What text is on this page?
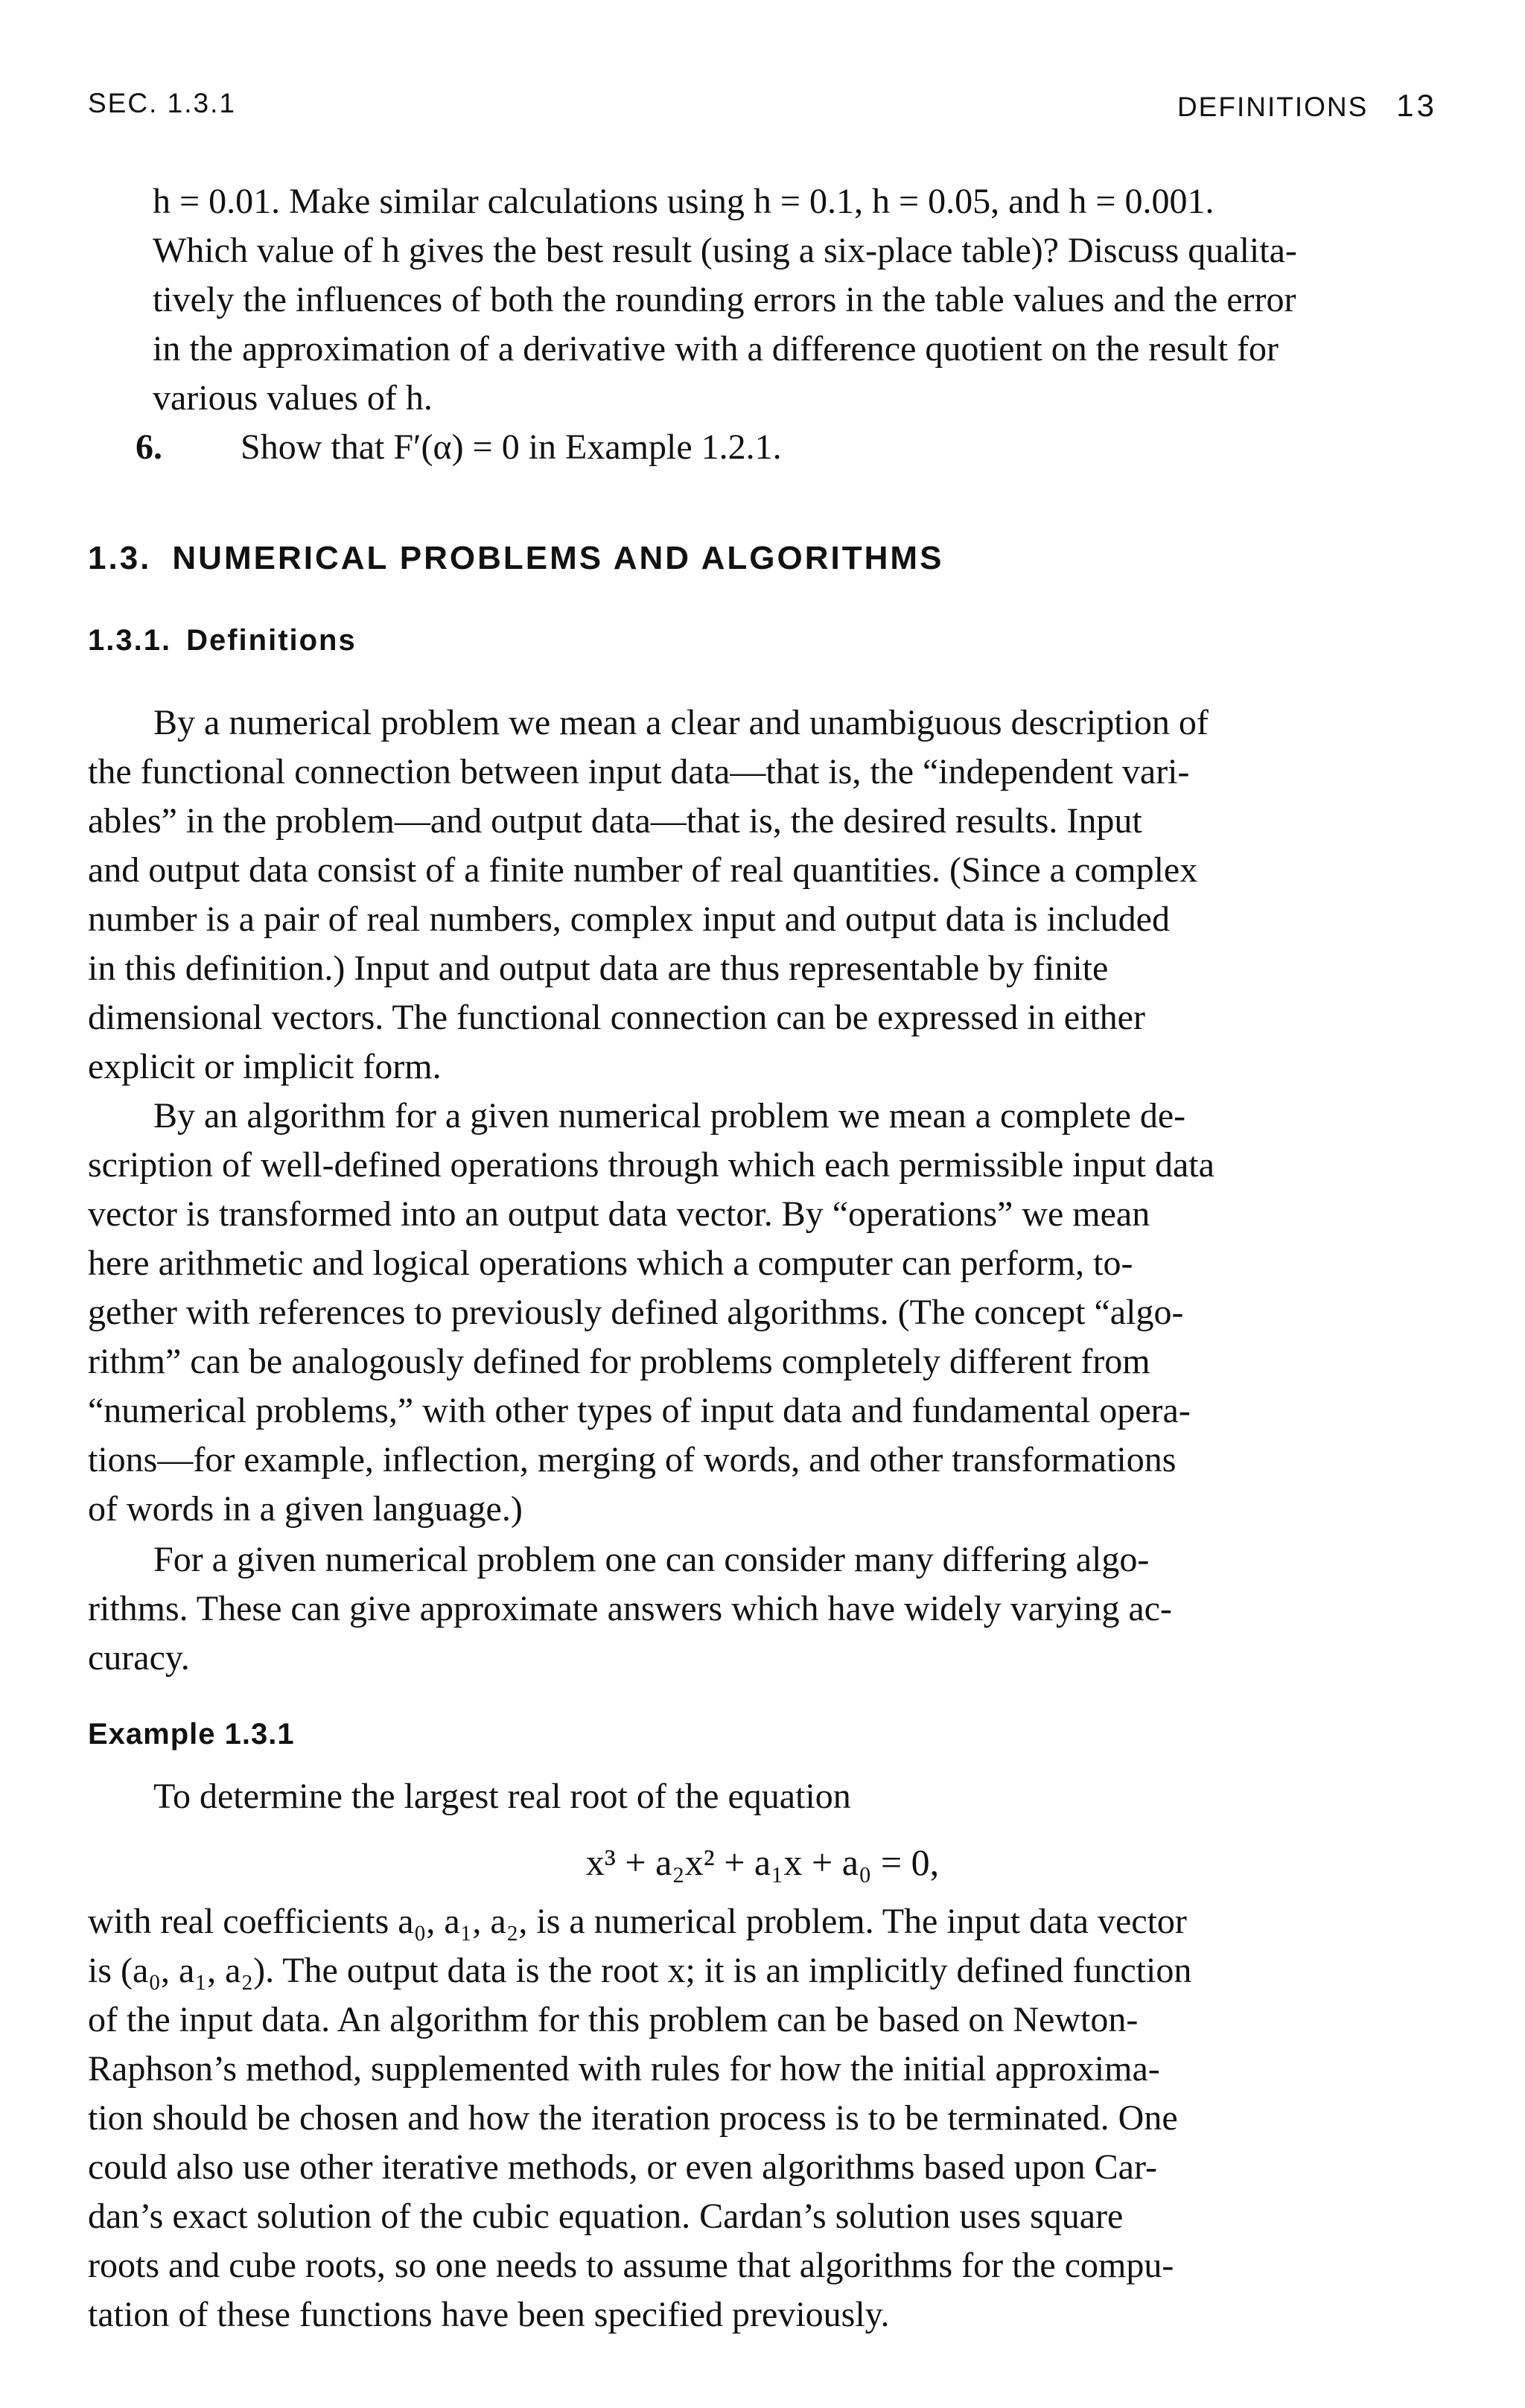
SEC. 1.3.1	DEFINITIONS 13
h = 0.01. Make similar calculations using h = 0.1, h = 0.05, and h = 0.001.
Which value of h gives the best result (using a six-place table)? Discuss qualita-
tively the influences of both the rounding errors in the table values and the error
in the approximation of a derivative with a difference quotient on the result for
various values of h.
6. Show that F′(α) = 0 in Example 1.2.1.
1.3. NUMERICAL PROBLEMS AND ALGORITHMS
1.3.1. Definitions
By a numerical problem we mean a clear and unambiguous description of
the functional connection between input data—that is, the “independent vari-
ables” in the problem—and output data—that is, the desired results. Input
and output data consist of a finite number of real quantities. (Since a complex
number is a pair of real numbers, complex input and output data is included
in this definition.) Input and output data are thus representable by finite
dimensional vectors. The functional connection can be expressed in either
explicit or implicit form.
By an algorithm for a given numerical problem we mean a complete de-
scription of well-defined operations through which each permissible input data
vector is transformed into an output data vector. By “operations” we mean
here arithmetic and logical operations which a computer can perform, to-
gether with references to previously defined algorithms. (The concept “algo-
rithm” can be analogously defined for problems completely different from
“numerical problems,” with other types of input data and fundamental opera-
tions—for example, inflection, merging of words, and other transformations
of words in a given language.)
For a given numerical problem one can consider many differing algo-
rithms. These can give approximate answers which have widely varying ac-
curacy.
Example 1.3.1
To determine the largest real root of the equation
x³ + a₂x² + a₁x + a₀ = 0,
with real coefficients a₀, a₁, a₂, is a numerical problem. The input data vector
is (a₀, a₁, a₂). The output data is the root x; it is an implicitly defined function
of the input data. An algorithm for this problem can be based on Newton-
Raphson’s method, supplemented with rules for how the initial approxima-
tion should be chosen and how the iteration process is to be terminated. One
could also use other iterative methods, or even algorithms based upon Car-
dan’s exact solution of the cubic equation. Cardan’s solution uses square
roots and cube roots, so one needs to assume that algorithms for the compu-
tation of these functions have been specified previously.
